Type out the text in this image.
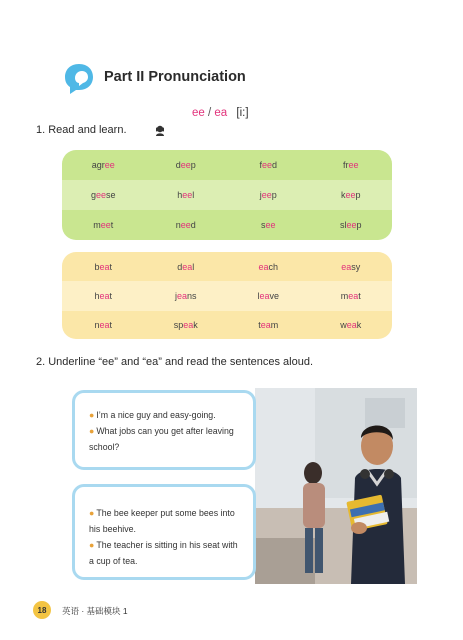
Part II Pronunciation
ee / ea [i:]
1. Read and learn.
agr ee	d ee p	f ee d	fr ee
g ee se	h ee l	j ee p	k ee p
m ee t	n ee d	s ee	sl ee p
b ea t	d ea l	ea ch	ea sy
h ea t	j ea ns	l ea ve	m ea t
n ea t	sp ea k	t ea m	w ea k
2. Underline “ee” and “ea” and read the sentences aloud.
● I’m a nice guy and easy-going.
● What jobs can you get after leaving
school?
● The bee keeper put some bees into
his beehive.
● The teacher is sitting in his seat with
a cup of tea.
18	英语 · 基础模块 1
